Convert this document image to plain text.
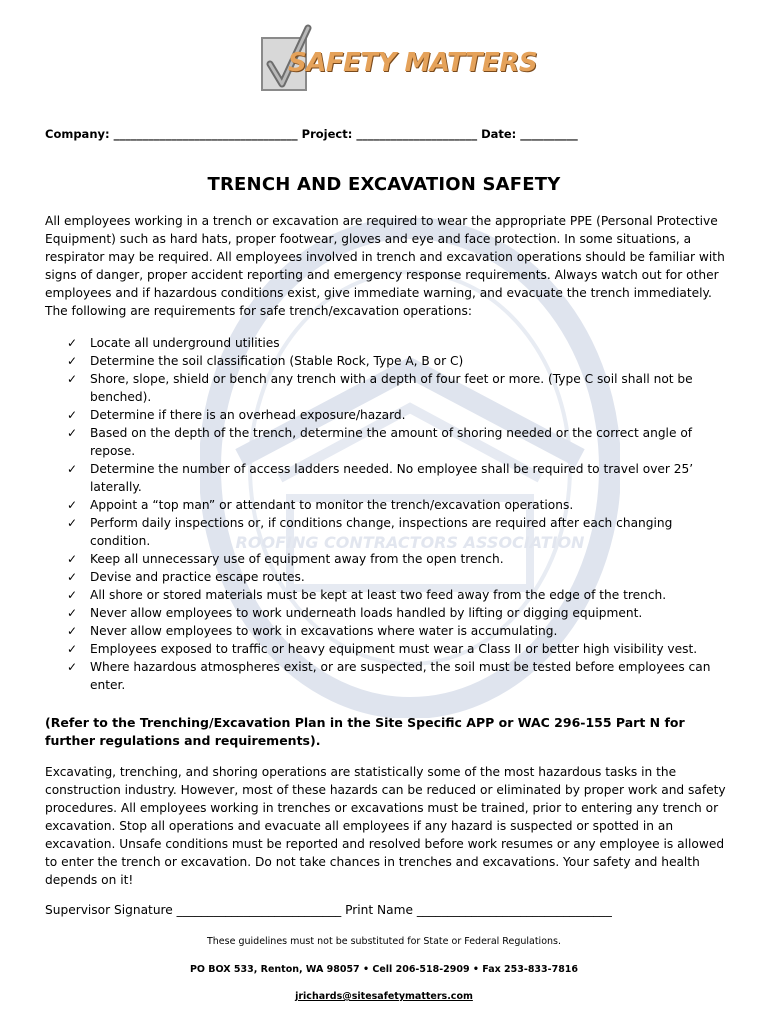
ROOFING CONTRACTORS ASSOCIATION
SAFETY MATTERS
Company: ________________________________ Project: _____________________ Date: __________
TRENCH AND EXCAVATION SAFETY

All employees working in a trench or excavation are required to wear the appropriate PPE (Personal Protective Equipment) such as hard hats, proper footwear, gloves and eye and face protection. In some situations, a respirator may be required. All employees involved in trench and excavation operations should be familiar with signs of danger, proper accident reporting and emergency response requirements. Always watch out for other employees and if hazardous conditions exist, give immediate warning, and evacuate the trench immediately. The following are requirements for safe trench/excavation operations:

✓ Locate all underground utilities
✓ Determine the soil classification (Stable Rock, Type A, B or C)
✓ Shore, slope, shield or bench any trench with a depth of four feet or more. (Type C soil shall not be benched).
✓ Determine if there is an overhead exposure/hazard.
✓ Based on the depth of the trench, determine the amount of shoring needed or the correct angle of repose.
✓ Determine the number of access ladders needed. No employee shall be required to travel over 25’ laterally.
✓ Appoint a “top man” or attendant to monitor the trench/excavation operations.
✓ Perform daily inspections or, if conditions change, inspections are required after each changing condition.
✓ Keep all unnecessary use of equipment away from the open trench.
✓ Devise and practice escape routes.
✓ All shore or stored materials must be kept at least two feed away from the edge of the trench.
✓ Never allow employees to work underneath loads handled by lifting or digging equipment.
✓ Never allow employees to work in excavations where water is accumulating.
✓ Employees exposed to traffic or heavy equipment must wear a Class II or better high visibility vest.
✓ Where hazardous atmospheres exist, or are suspected, the soil must be tested before employees can enter.

(Refer to the Trenching/Excavation Plan in the Site Specific APP or WAC 296-155 Part N for further regulations and requirements).

Excavating, trenching, and shoring operations are statistically some of the most hazardous tasks in the construction industry. However, most of these hazards can be reduced or eliminated by proper work and safety procedures. All employees working in trenches or excavations must be trained, prior to entering any trench or excavation. Stop all operations and evacuate all employees if any hazard is suspected or spotted in an excavation. Unsafe conditions must be reported and resolved before work resumes or any employee is allowed to enter the trench or excavation. Do not take chances in trenches and excavations. Your safety and health depends on it!

Supervisor Signature ___________________________ Print Name ________________________________
These guidelines must not be substituted for State or Federal Regulations.
PO BOX 533, Renton, WA 98057 • Cell 206-518-2909 • Fax 253-833-7816
jrichards@sitesafetymatters.com
